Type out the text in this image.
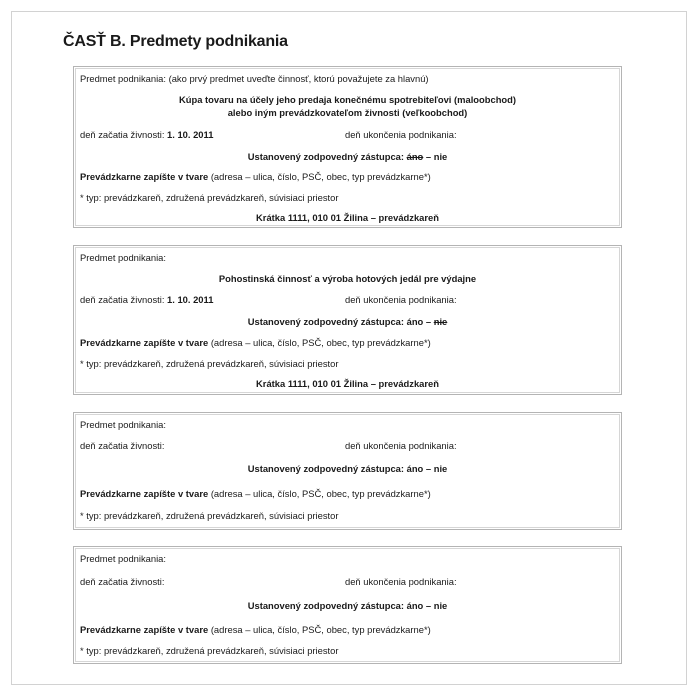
ČASŤ B. Predmety podnikania
Predmet podnikania: (ako prvý predmet uveďte činnosť, ktorú považujete za hlavnú)
Kúpa tovaru na účely jeho predaja konečnému spotrebiteľovi (maloobchod)
alebo iným prevádzkovateľom živnosti (veľkoobchod)
deň začatia živnosti: 1. 10. 2011	deň ukončenia podnikania:
Ustanovený zodpovedný zástupca: áno – nie
Prevádzkarne zapíšte v tvare (adresa – ulica, číslo, PSČ, obec, typ prevádzkarne*)
* typ: prevádzkareň, združená prevádzkareň, súvisiaci priestor
Krátka 1111, 010 01 Žilina – prevádzkareň
Predmet podnikania:
Pohostinská činnosť a výroba hotových jedál pre výdajne
deň začatia živnosti: 1. 10. 2011	deň ukončenia podnikania:
Ustanovený zodpovedný zástupca: áno – nie
Prevádzkarne zapíšte v tvare (adresa – ulica, číslo, PSČ, obec, typ prevádzkarne*)
* typ: prevádzkareň, združená prevádzkareň, súvisiaci priestor
Krátka 1111, 010 01 Žilina – prevádzkareň
Predmet podnikania:
deň začatia živnosti:	deň ukončenia podnikania:
Ustanovený zodpovedný zástupca: áno – nie
Prevádzkarne zapíšte v tvare (adresa – ulica, číslo, PSČ, obec, typ prevádzkarne*)
* typ: prevádzkareň, združená prevádzkareň, súvisiaci priestor
Predmet podnikania:
deň začatia živnosti:	deň ukončenia podnikania:
Ustanovený zodpovedný zástupca: áno – nie
Prevádzkarne zapíšte v tvare (adresa – ulica, číslo, PSČ, obec, typ prevádzkarne*)
* typ: prevádzkareň, združená prevádzkareň, súvisiaci priestor
